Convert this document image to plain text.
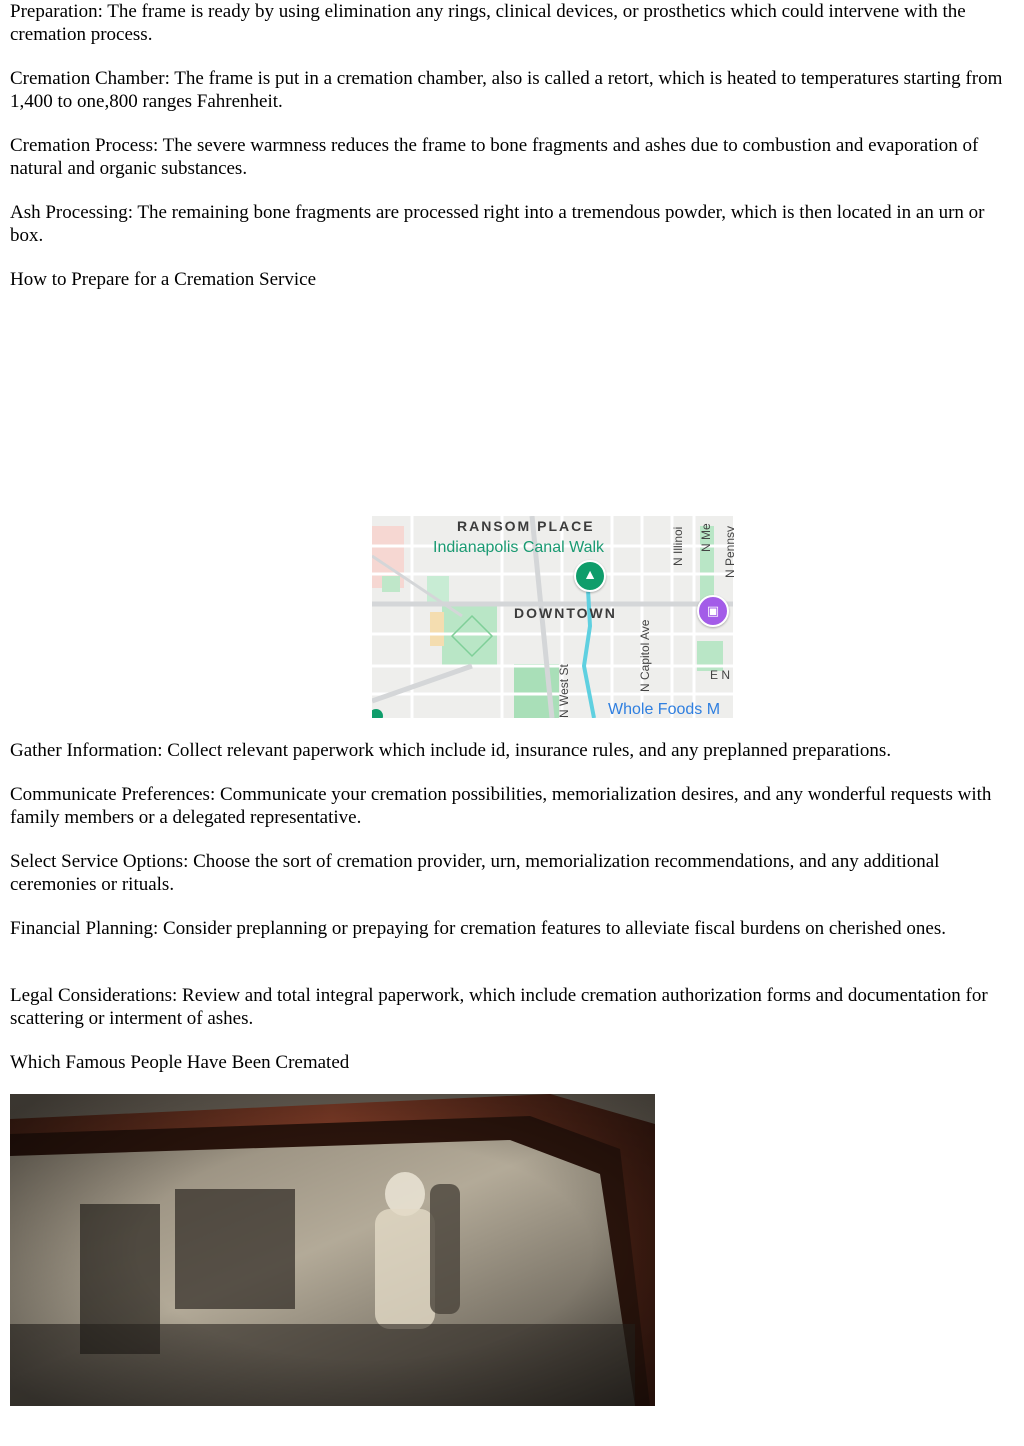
Preparation: The frame is ready by using elimination any rings, clinical devices, or prosthetics which could intervene with the cremation process.

Cremation Chamber: The frame is put in a cremation chamber, also is called a retort, which is heated to temperatures starting from 1,400 to one,800 ranges Fahrenheit.

Cremation Process: The severe warmness reduces the frame to bone fragments and ashes due to combustion and evaporation of natural and organic substances.

Ash Processing: The remaining bone fragments are processed right into a tremendous powder, which is then located in an urn or box.

How to Prepare for a Cremation Service

RANSOM PLACE
Indianapolis Canal Walk
DOWNTOWN
Whole Foods M
E N
N Capitol Ave
N West St
N Illinoi	N Me N Pennsv
▲
▣

Gather Information: Collect relevant paperwork which include id, insurance rules, and any preplanned preparations.

Communicate Preferences: Communicate your cremation possibilities, memorialization desires, and any wonderful requests with family members or a delegated representative.

Select Service Options: Choose the sort of cremation provider, urn, memorialization recommendations, and any additional ceremonies or rituals.

Financial Planning: Consider preplanning or prepaying for cremation features to alleviate fiscal burdens on cherished ones.

Legal Considerations: Review and total integral paperwork, which include cremation authorization forms and documentation for scattering or interment of ashes.

Which Famous People Have Been Cremated
